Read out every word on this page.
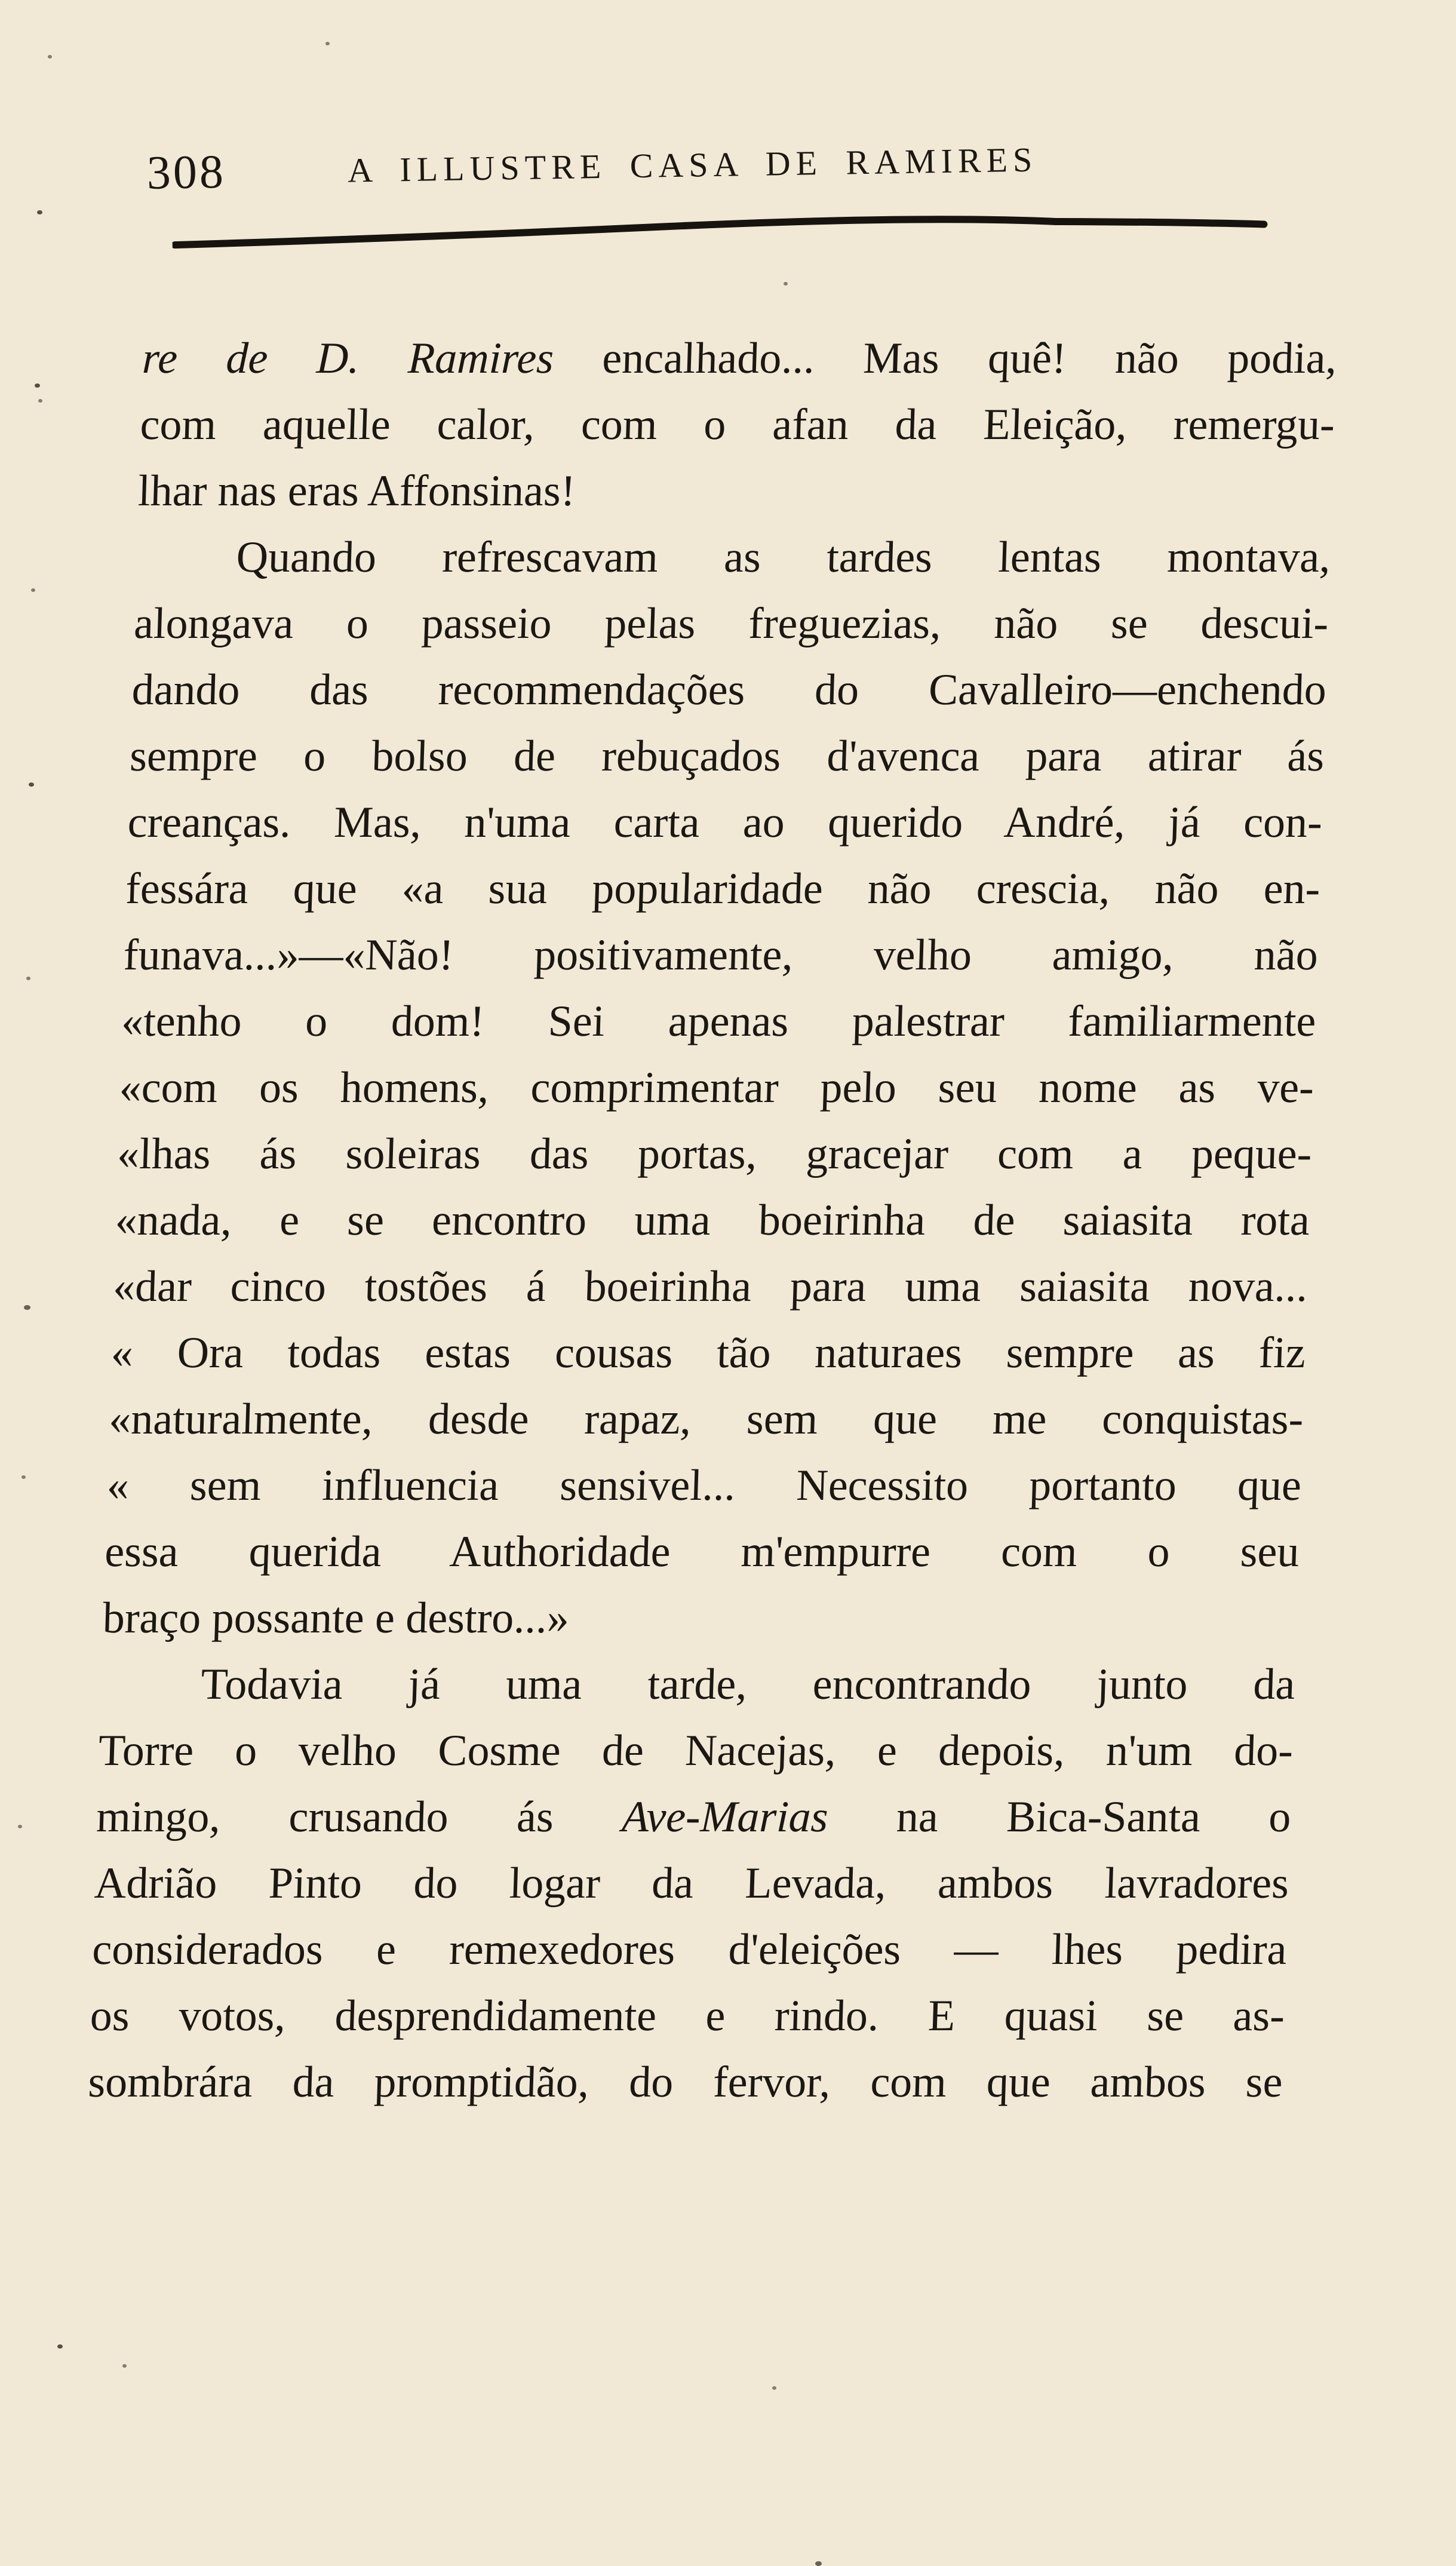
308	A ILLUSTRE CASA DE RAMIRES
re de D. Ramires encalhado... Mas quê! não podia,
com aquelle calor, com o afan da Eleição, remergu-
lhar nas eras Affonsinas!
Quando refrescavam as tardes lentas montava,
alongava o passeio pelas freguezias, não se descui-
dando das recommendações do Cavalleiro—enchendo
sempre o bolso de rebuçados d'avenca para atirar ás
creanças. Mas, n'uma carta ao querido André, já con-
fessára que «a sua popularidade não crescia, não en-
funava...»—«Não! positivamente, velho amigo, não
«tenho o dom! Sei apenas palestrar familiarmente
«com os homens, comprimentar pelo seu nome as ve-
«lhas ás soleiras das portas, gracejar com a peque-
«nada, e se encontro uma boeirinha de saiasita rota
«dar cinco tostões á boeirinha para uma saiasita nova...
« Ora todas estas cousas tão naturaes sempre as fiz
«naturalmente, desde rapaz, sem que me conquistas-
« sem influencia sensivel... Necessito portanto que
essa querida Authoridade m'empurre com o seu
braço possante e destro...»
Todavia já uma tarde, encontrando junto da
Torre o velho Cosme de Nacejas, e depois, n'um do-
mingo, crusando ás Ave-Marias na Bica-Santa o
Adrião Pinto do logar da Levada, ambos lavradores
considerados e remexedores d'eleições — lhes pedira
os votos, desprendidamente e rindo. E quasi se as-
sombrára da promptidão, do fervor, com que ambos se
